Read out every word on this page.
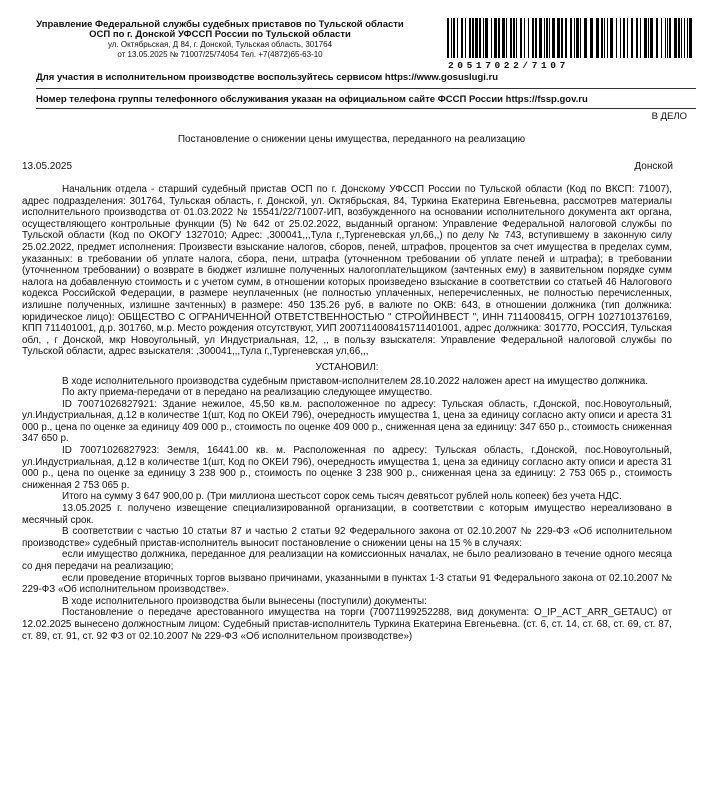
Управление Федеральной службы судебных приставов по Тульской области
ОСП по г. Донской УФССП России по Тульской области
ул. Октябрьская, Д 84, г. Донской, Тульская область, 301764
от 13.05.2025 № 71007/25/74054 Тел. +7(4872)65-63-10
20517022/7107
Для участия в исполнительном производстве воспользуйтесь сервисом https://www.gosuslugi.ru
Номер телефона группы телефонного обслуживания указан на официальном сайте ФССП России https://fssp.gov.ru
В ДЕЛО
Постановление о снижении цены имущества, переданного на реализацию
13.05.2025	Донской

Начальник отдела - старший судебный пристав ОСП по г. Донскому УФССП России по Тульской области (Код по ВКСП: 71007), адрес подразделения: 301764, Тульская область, г. Донской, ул. Октябрьская, 84, Туркина Екатерина Евгеньевна, рассмотрев материалы исполнительного производства от 01.03.2022 № 15541/22/71007-ИП, возбужденного на основании исполнительного документа акт органа, осуществляющего контрольные функции (5) № 642 от 25.02.2022, выданный органом: Управление Федеральной налоговой службы по Тульской области (Код по ОКОГУ 1327010; Адрес: ,300041,,,Тула г,,Тургеневская ул,66,,) по делу № 743, вступившему в законную силу 25.02.2022, предмет исполнения: Произвести взыскание налогов, сборов, пеней, штрафов, процентов за счет имущества в пределах сумм, указанных: в требовании об уплате налога, сбора, пени, штрафа (уточненном требовании об уплате пеней и штрафа); в требовании (уточненном требовании) о возврате в бюджет излишне полученных налогоплательщиком (зачтенных ему) в заявительном порядке сумм налога на добавленную стоимость и с учетом сумм, в отношении которых произведено взыскание в соответствии со статьей 46 Налогового кодекса Российской Федерации, в размере неуплаченных (не полностью уплаченных, неперечисленных, не полностью перечисленных, излишне полученных, излишне зачтенных) в размере: 450 135.26 руб, в валюте по ОКВ: 643, в отношении должника (тип должника: юридическое лицо): ОБЩЕСТВО С ОГРАНИЧЕННОЙ ОТВЕТСТВЕННОСТЬЮ " СТРОЙИНВЕСТ ", ИНН 7114008415, ОГРН 1027101376169, КПП 711401001, д.р. 301760, м.р. Место рождения отсутствуют, УИП 2007114008415711401001, адрес должника: 301770, РОССИЯ, Тульская обл, , г Донской, мкр Новоугольный, ул Индустриальная, 12, ,, в пользу взыскателя: Управление Федеральной налоговой службы по Тульской области, адрес взыскателя: ,300041,,,Тула г,,Тургеневская ул,66,,,

УСТАНОВИЛ:

В ходе исполнительного производства судебным приставом-исполнителем 28.10.2022 наложен арест на имущество должника.

По акту приема-передачи от в передано на реализацию следующее имущество.

ID 70071026827921: Здание нежилое, 45,50 кв.м. расположенное по адресу: Тульская область, г.Донской, пос.Новоугольный, ул.Индустриальная, д.12 в количестве 1(шт, Код по ОКЕИ 796), очередность имущества 1, цена за единицу согласно акту описи и ареста 31 000 р., цена по оценке за единицу 409 000 р., стоимость по оценке 409 000 р., сниженная цена за единицу: 347 650 р., стоимость сниженная 347 650 р.

ID 70071026827923: Земля, 16441.00 кв. м. Расположенная по адресу: Тульская область, г.Донской, пос.Новоугольный, ул.Индустриальная, д.12 в количестве 1(шт, Код по ОКЕИ 796), очередность имущества 1, цена за единицу согласно акту описи и ареста 31 000 р., цена по оценке за единицу 3 238 900 р., стоимость по оценке 3 238 900 р., сниженная цена за единицу: 2 753 065 р., стоимость сниженная 2 753 065 р.

Итого на сумму 3 647 900,00 р. (Три миллиона шестьсот сорок семь тысяч девятьсот рублей ноль копеек) без учета НДС.

13.05.2025 г. получено извещение специализированной организации, в соответствии с которым имущество нереализовано в месячный срок.

В соответствии с частью 10 статьи 87 и частью 2 статьи 92 Федерального закона от 02.10.2007 № 229-ФЗ «Об исполнительном производстве» судебный пристав-исполнитель выносит постановление о снижении цены на 15 % в случаях:

если имущество должника, переданное для реализации на комиссионных началах, не было реализовано в течение одного месяца со дня передачи на реализацию;

если проведение вторичных торгов вызвано причинами, указанными в пунктах 1-3 статьи 91 Федерального закона от 02.10.2007 № 229-ФЗ «Об исполнительном производстве».

В ходе исполнительного производства были вынесены (поступили) документы:

Постановление о передаче арестованного имущества на торги (70071199252288, вид документа: O_IP_ACT_ARR_GETAUC) от 12.02.2025 вынесено должностным лицом: Судебный пристав-исполнитель Туркина Екатерина Евгеньевна. (ст. 6, ст. 14, ст. 68, ст. 69, ст. 87, ст. 89, ст. 91, ст. 92 ФЗ от 02.10.2007 № 229-ФЗ «Об исполнительном производстве»)
